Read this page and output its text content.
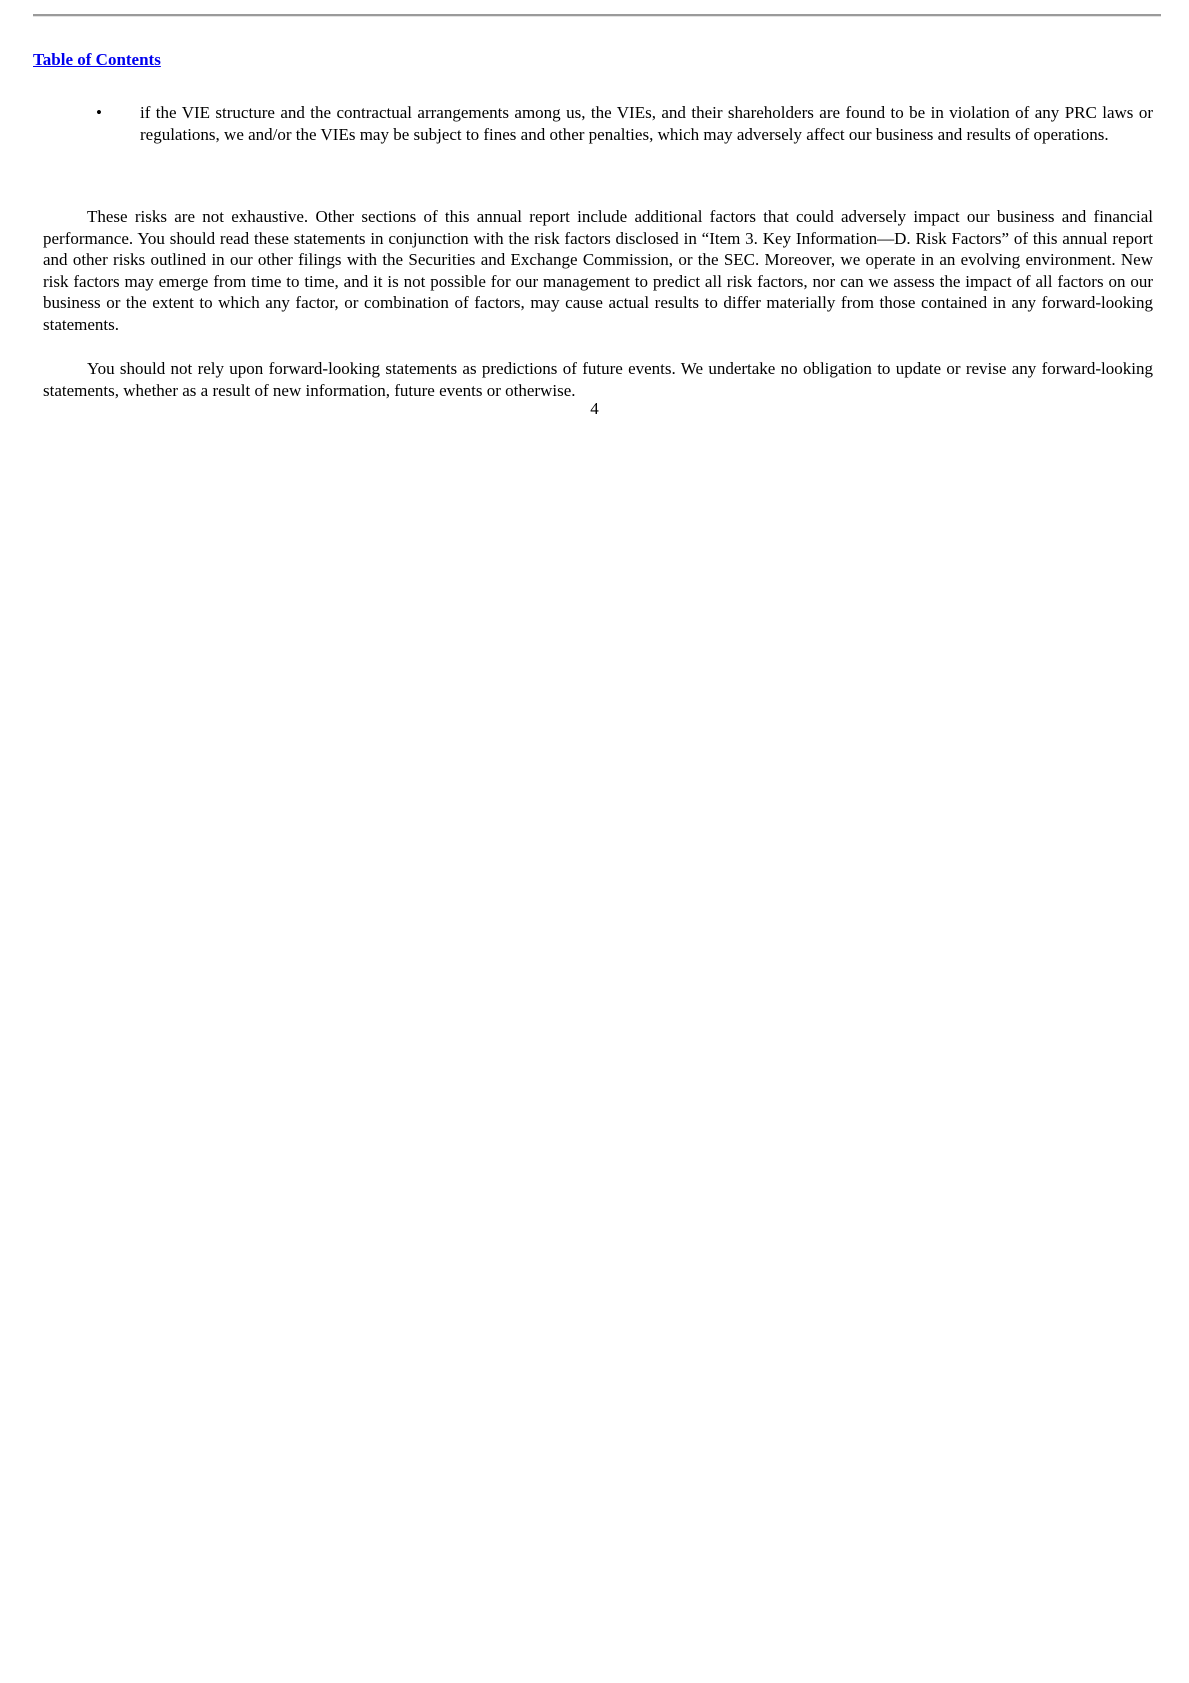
Table of Contents
• if the VIE structure and the contractual arrangements among us, the VIEs, and their shareholders are found to be in violation of any PRC laws or regulations, we and/or the VIEs may be subject to fines and other penalties, which may adversely affect our business and results of operations.

These risks are not exhaustive. Other sections of this annual report include additional factors that could adversely impact our business and financial performance. You should read these statements in conjunction with the risk factors disclosed in “Item 3. Key Information—D. Risk Factors” of this annual report and other risks outlined in our other filings with the Securities and Exchange Commission, or the SEC. Moreover, we operate in an evolving environment. New risk factors may emerge from time to time, and it is not possible for our management to predict all risk factors, nor can we assess the impact of all factors on our business or the extent to which any factor, or combination of factors, may cause actual results to differ materially from those contained in any forward-looking statements.

You should not rely upon forward-looking statements as predictions of future events. We undertake no obligation to update or revise any forward-looking statements, whether as a result of new information, future events or otherwise.

4
